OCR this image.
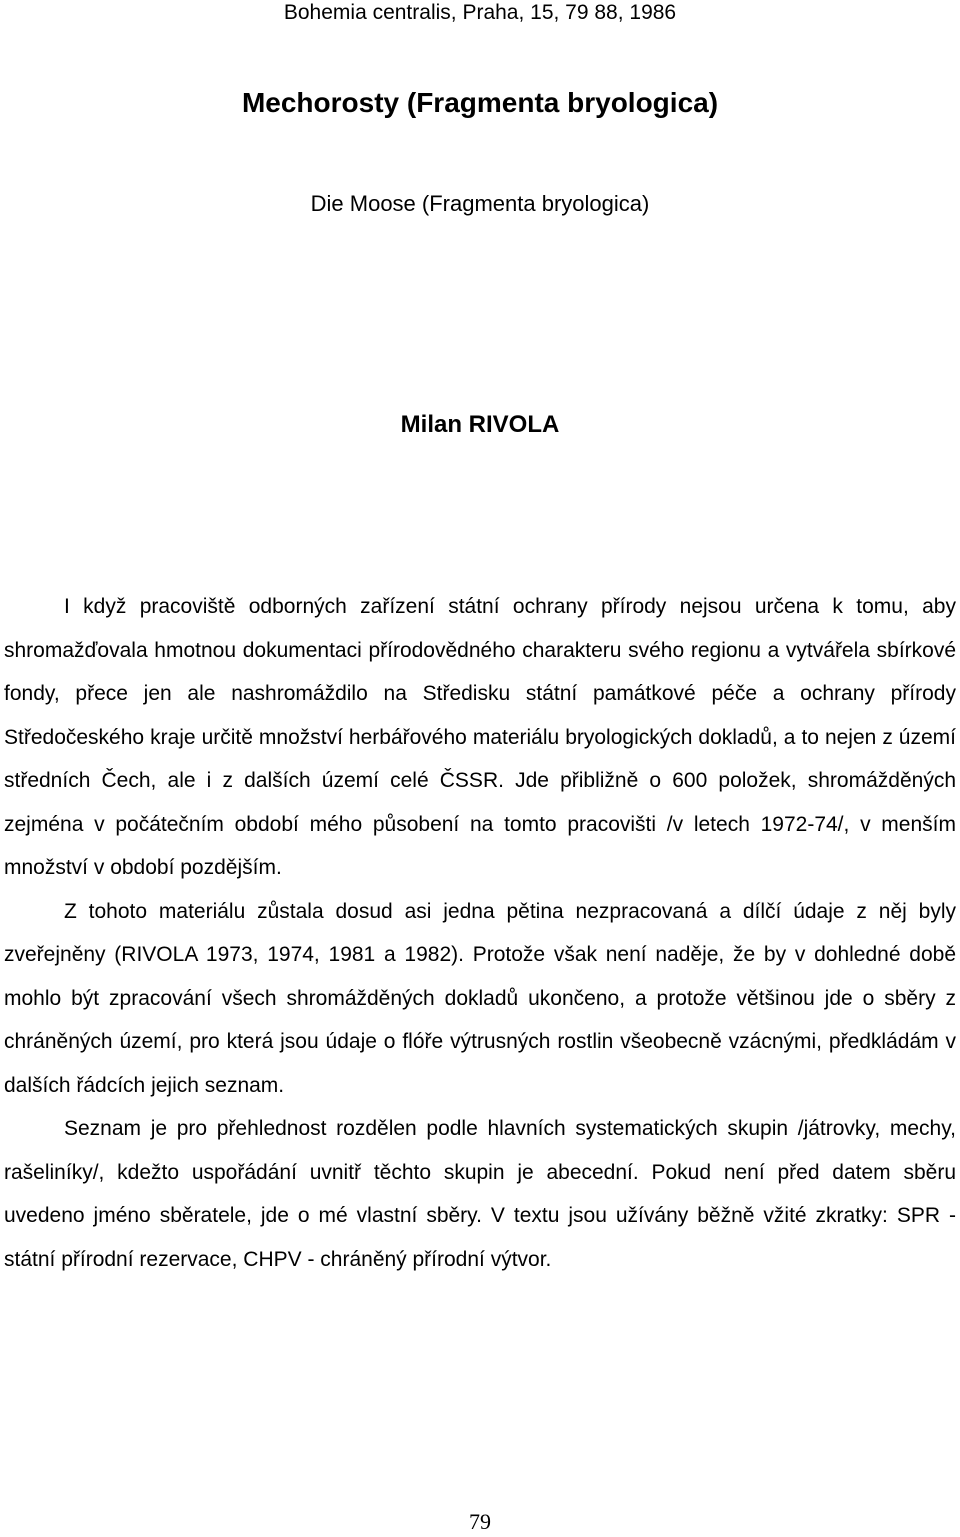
Bohemia centralis, Praha, 15, 79 88, 1986
Mechorosty (Fragmenta bryologica)
Die Moose (Fragmenta bryologica)
Milan RIVOLA

I když pracoviště odborných zařízení státní ochrany přírody nejsou určena k tomu, aby shromažďovala hmotnou dokumentaci přírodovědného charakteru svého regionu a vytvářela sbírkové fondy, přece jen ale nashromáždilo na Středisku státní památkové péče a ochrany přírody Středočeského kraje určitě množství herbářového materiálu bryologických dokladů, a to nejen z území středních Čech, ale i z dalších území celé ČSSR. Jde přibližně o 600 položek, shromážděných zejména v počátečním období mého působení na tomto pracovišti /v letech 1972-74/, v menším množství v období pozdějším.

Z tohoto materiálu zůstala dosud asi jedna pětina nezpracovaná a dílčí údaje z něj byly zveřejněny (RIVOLA 1973, 1974, 1981 a 1982). Protože však není naděje, že by v dohledné době mohlo být zpracování všech shromážděných dokladů ukončeno, a protože většinou jde o sběry z chráněných území, pro která jsou údaje o flóře výtrusných rostlin všeobecně vzácnými, předkládám v dalších řádcích jejich seznam.

Seznam je pro přehlednost rozdělen podle hlavních systematických skupin /játrovky, mechy, rašeliníky/, kdežto uspořádání uvnitř těchto skupin je abecední. Pokud není před datem sběru uvedeno jméno sběratele, jde o mé vlastní sběry. V textu jsou užívány běžně vžité zkratky: SPR - státní přírodní rezervace, CHPV - chráněný přírodní výtvor.

79
